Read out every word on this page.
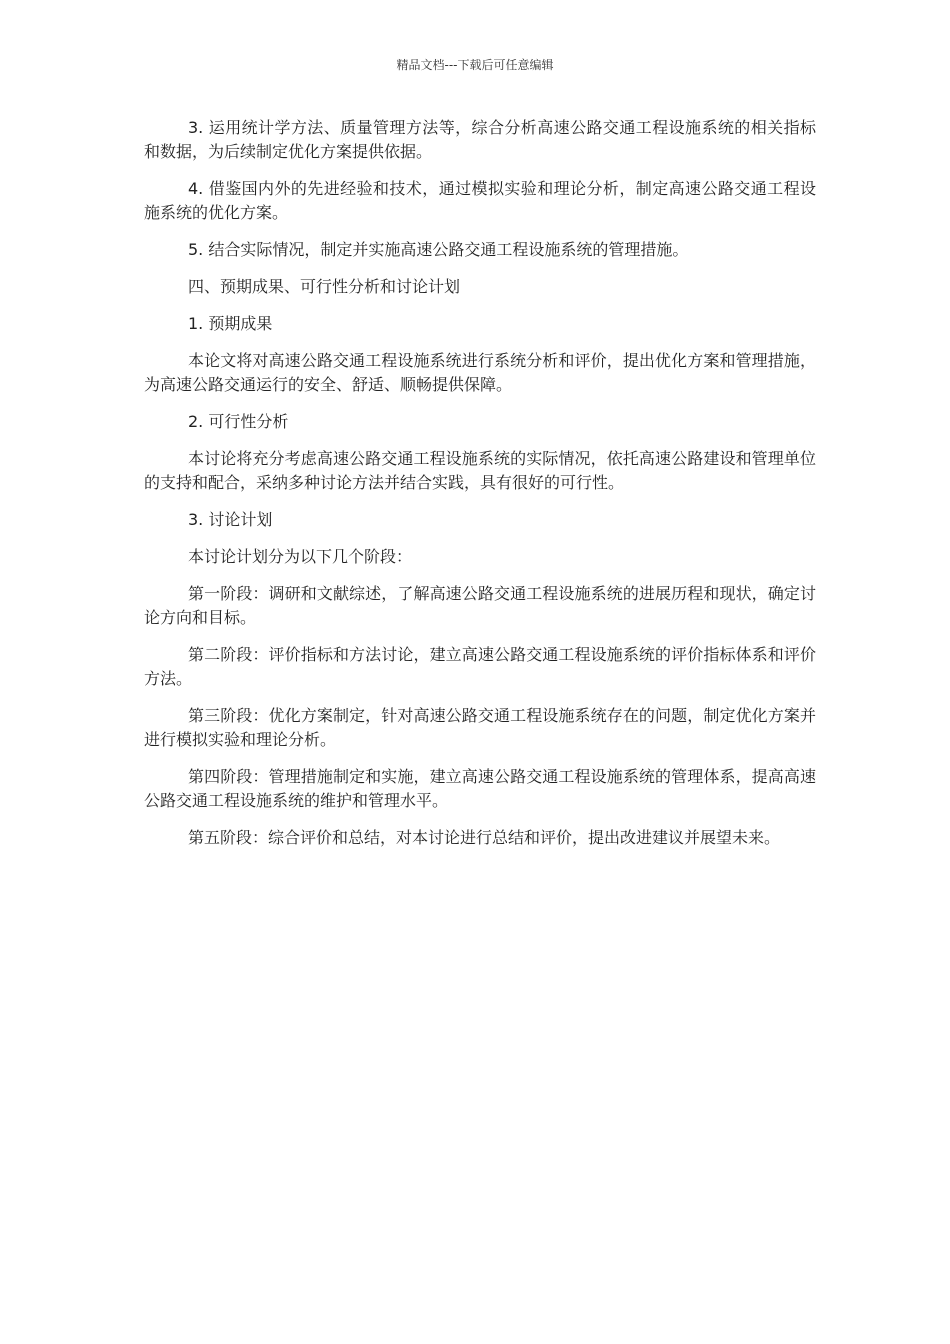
精品文档---下载后可任意编辑

3. 运用统计学方法、质量管理方法等，综合分析高速公路交通工程设施系统的相关指标和数据，为后续制定优化方案提供依据。

4. 借鉴国内外的先进经验和技术，通过模拟实验和理论分析，制定高速公路交通工程设施系统的优化方案。

5. 结合实际情况，制定并实施高速公路交通工程设施系统的管理措施。

四、预期成果、可行性分析和讨论计划

1. 预期成果

本论文将对高速公路交通工程设施系统进行系统分析和评价，提出优化方案和管理措施，为高速公路交通运行的安全、舒适、顺畅提供保障。

2. 可行性分析

本讨论将充分考虑高速公路交通工程设施系统的实际情况，依托高速公路建设和管理单位的支持和配合，采纳多种讨论方法并结合实践，具有很好的可行性。

3. 讨论计划

本讨论计划分为以下几个阶段：

第一阶段：调研和文献综述，了解高速公路交通工程设施系统的进展历程和现状，确定讨论方向和目标。

第二阶段：评价指标和方法讨论，建立高速公路交通工程设施系统的评价指标体系和评价方法。

第三阶段：优化方案制定，针对高速公路交通工程设施系统存在的问题，制定优化方案并进行模拟实验和理论分析。

第四阶段：管理措施制定和实施，建立高速公路交通工程设施系统的管理体系，提高高速公路交通工程设施系统的维护和管理水平。

第五阶段：综合评价和总结，对本讨论进行总结和评价，提出改进建议并展望未来。
